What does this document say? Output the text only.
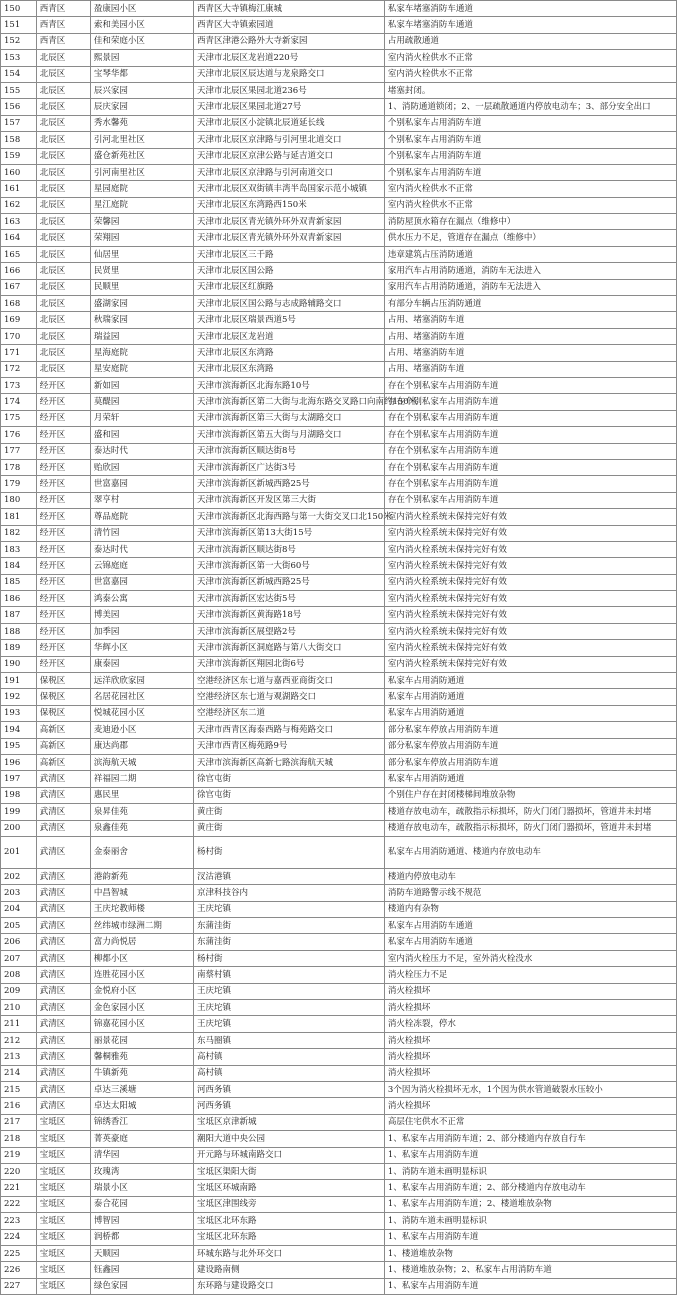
150	西青区	盈康园小区	西青区大寺镇梅江康城	私家车堵塞消防车通道
151	西青区	索和美园小区	西青区大寺镇索园道	私家车堵塞消防车通道
152	西青区	佳和荣庭小区	西青区津港公路外大寺新家园	占用疏散通道
153	北辰区	熙景园	天津市北辰区龙岩道220号	室内消火栓供水不正常
154	北辰区	宝琴华都	天津市北辰区辰达道与龙泉路交口	室内消火栓供水不正常
155	北辰区	辰兴家园	天津市北辰区果园北道236号	堵塞封闭。
156	北辰区	辰庆家园	天津市北辰区果园北道27号	1、消防通道锁闭；2、一层疏散通道内停放电动车；3、部分安全出口
157	北辰区	秀水馨苑	天津市北辰区小淀镇北辰道延长线	个别私家车占用消防车道
158	北辰区	引河北里社区	天津市北辰区京津路与引河里北道交口	个别私家车占用消防车道
159	北辰区	盛仓新苑社区	天津市北辰区京津公路与延吉道交口	个别私家车占用消防车道
160	北辰区	引河南里社区	天津市北辰区京津路与引河南道交口	个别私家车占用消防车道
161	北辰区	星园庭院	天津市北辰区双街镇丰湾半岛国家示范小城镇	室内消火栓供水不正常
162	北辰区	星江庭院	天津市北辰区东湾路西150米	室内消火栓供水不正常
163	北辰区	荣馨园	天津市北辰区青光镇外环外双青新家园	消防屋顶水箱存在漏点（维修中）
164	北辰区	荣翔园	天津市北辰区青光镇外环外双青新家园	供水压力不足，管道存在漏点（维修中）
165	北辰区	仙居里	天津市北辰区三千路	违章建筑占压消防通道
166	北辰区	民贤里	天津市北辰区国公路	家用汽车占用消防通道，消防车无法进入
167	北辰区	民顺里	天津市北辰区红旗路	家用汽车占用消防通道，消防车无法进入
168	北辰区	盛湖家园	天津市北辰区国公路与志成路辅路交口	有部分车辆占压消防通道
169	北辰区	秋瑞家园	天津市北辰区瑞景西道5号	占用、堵塞消防车道
170	北辰区	瑞益园	天津市北辰区龙岩道	占用、堵塞消防车道
171	北辰区	星海庭院	天津市北辰区东湾路	占用、堵塞消防车道
172	北辰区	星安庭院	天津市北辰区东湾路	占用、堵塞消防车道
173	经开区	新如园	天津市滨海新区北海东路10号	存在个别私家车占用消防车道
174	经开区	莫醍园	天津市滨海新区第二大街与北海东路交叉路口向南约150米	存在个别私家车占用消防车道
175	经开区	月荣轩	天津市滨海新区第三大街与太湖路交口	存在个别私家车占用消防车道
176	经开区	盛和园	天津市滨海新区第五大街与月湖路交口	存在个别私家车占用消防车道
177	经开区	泰达时代	天津市滨海新区顺达街8号	存在个别私家车占用消防车道
178	经开区	贻欣园	天津市滨海新区广达街3号	存在个别私家车占用消防车道
179	经开区	世富嘉园	天津市滨海新区新城西路25号	存在个别私家车占用消防车道
180	经开区	翠亨村	天津市滨海新区开发区第三大街	存在个别私家车占用消防车道
181	经开区	尊品庭院	天津市滨海新区北海西路与第一大街交叉口北150米	室内消火栓系统未保持完好有效
182	经开区	清竹园	天津市滨海新区第13大街15号	室内消火栓系统未保持完好有效
183	经开区	泰达时代	天津市滨海新区顺达街8号	室内消火栓系统未保持完好有效
184	经开区	云锦庭庭	天津市滨海新区第一大街60号	室内消火栓系统未保持完好有效
185	经开区	世富嘉园	天津市滨海新区新城西路25号	室内消火栓系统未保持完好有效
186	经开区	鸿泰公寓	天津市滨海新区宏达街5号	室内消火栓系统未保持完好有效
187	经开区	博美园	天津市滨海新区黄海路18号	室内消火栓系统未保持完好有效
188	经开区	加季园	天津市滨海新区展望路2号	室内消火栓系统未保持完好有效
189	经开区	华辉小区	天津市滨海新区洞庭路与第八大街交口	室内消火栓系统未保持完好有效
190	经开区	康泰园	天津市滨海新区翔园北街6号	室内消火栓系统未保持完好有效
191	保税区	远洋欣欣家园	空港经济区东七道与嘉西亚商街交口	私家车占用消防通道
192	保税区	名居花园社区	空港经济区东七道与观湖路交口	私家车占用消防通道
193	保税区	悦城花园小区	空港经济区东二道	私家车占用消防通道
194	高新区	麦迪逊小区	天津市西青区海泰西路与梅苑路交口	部分私家车停放占用消防车道
195	高新区	康达尚郡	天津市西青区梅苑路9号	部分私家车停放占用消防车道
196	高新区	滨海航天城	天津市滨海新区高新七路滨海航天城	部分私家车停放占用消防车道
197	武清区	祥福园二期	徐官屯街	私家车占用消防通道
198	武清区	惠民里	徐官屯街	个别住户存在封闭楼梯间堆放杂物
199	武清区	泉昇佳苑	黄庄街	楼道存放电动车，疏散指示标损坏，防火门闭门器损坏，管道井未封堵
200	武清区	泉鑫佳苑	黄庄街	楼道存放电动车，疏散指示标损坏，防火门闭门器损坏，管道井未封堵
201	武清区	金泰丽舍	杨村街	私家车占用消防通道、楼道内存放电动车
202	武清区	港韵新苑	汊沽港镇	楼道内停放电动车
203	武清区	中昌智城	京津科技谷内	消防车道路警示线不规范
204	武清区	王庆坨教师楼	王庆坨镇	楼道内有杂物
205	武清区	丝纬城市绿洲二期	东蒲洼街	私家车占用消防车通道
206	武清区	富力尚悦居	东蒲洼街	私家车占用消防车通道
207	武清区	柳都小区	杨村街	室内消火栓压力不足，室外消火栓没水
208	武清区	连胜花园小区	南蔡村镇	消火栓压力不足
209	武清区	金悦府小区	王庆坨镇	消火栓损坏
210	武清区	金色家园小区	王庆坨镇	消火栓损坏
211	武清区	锦嘉花园小区	王庆坨镇	消火栓冻裂，停水
212	武清区	丽景花园	东马圈镇	消火栓损坏
213	武清区	馨桐雅苑	高村镇	消火栓损坏
214	武清区	牛镇新苑	高村镇	消火栓损坏
215	武清区	卓达三溪塘	河西务镇	3个因为消火栓损坏无水，1个因为供水管道破裂水压较小
216	武清区	卓达太阳城	河西务镇	消火栓损坏
217	宝坻区	锦绣香江	宝坻区京津新城	高层住宅供水不正常
218	宝坻区	菁英豪庭	潮阳大道中央公园	1、私家车占用消防车道；2、部分楼道内存放自行车
219	宝坻区	清华园	开元路与环城南路交口	1、私家车占用消防车道
220	宝坻区	玫瑰湾	宝坻区渠阳大街	1、消防车道未画明显标识
221	宝坻区	瑞景小区	宝坻区环城南路	1、私家车占用消防车道；2、部分楼道内存放电动车
222	宝坻区	泰合花园	宝坻区津围线旁	1、私家车占用消防车道；2、楼道堆放杂物
223	宝坻区	博智园	宝坻区北环东路	1、消防车道未画明显标识
224	宝坻区	润桥都	宝坻区北环东路	1、私家车占用消防车道
225	宝坻区	天顺园	环城东路与北外环交口	1、楼道堆放杂物
226	宝坻区	钰鑫园	建设路南侧	1、楼道堆放杂物；2、私家车占用消防车道
227	宝坻区	绿色家园	东环路与建设路交口	1、私家车占用消防车道
